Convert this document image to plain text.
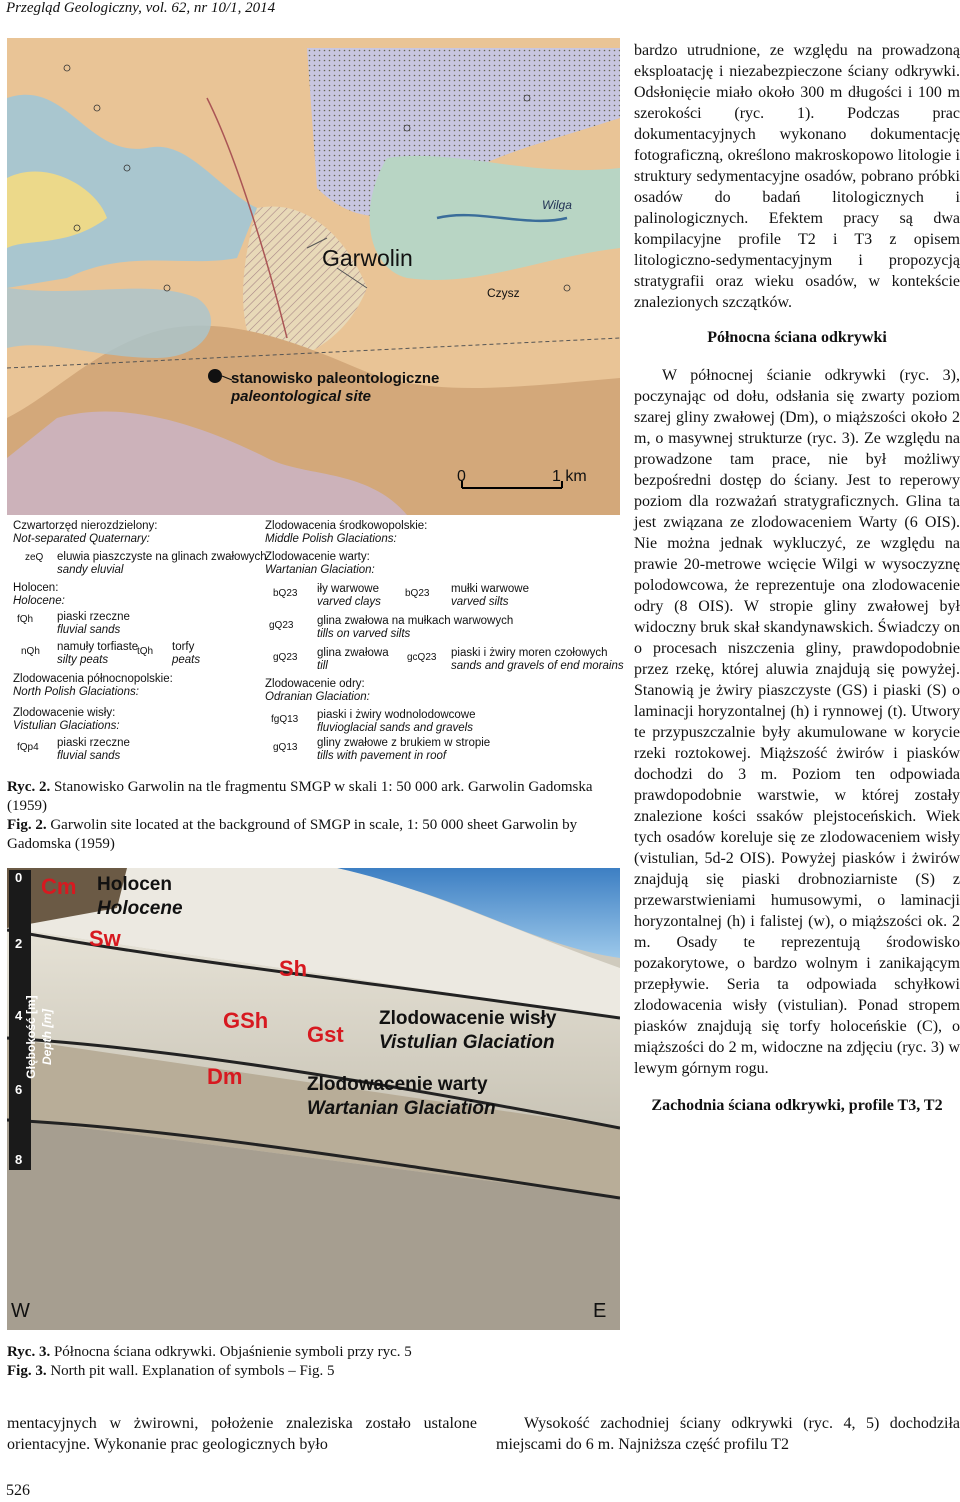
Przegląd Geologiczny, vol. 62, nr 10/1, 2014
Garwolin
stanowisko paleontologiczne
paleontological site
0	1 km
Czysz
Wilga
Czwartorzęd nierozdzielony:
Not-separated Quaternary:
zeQ eluwia piaszczyste na glinach zwałowych
sandy eluvial
Holocen:
Holocene:
fQh piaski rzeczne
fluvial sands
nQh namuły torfiaste
silty peats
tQh torfy
peats
Zlodowacenia północnopolskie:
North Polish Glaciations:
Zlodowacenie wisły:
Vistulian Glaciations:
fQp4 piaski rzeczne
fluvial sands
Zlodowacenia środkowopolskie:
Middle Polish Glaciations:
Zlodowacenie warty:
Wartanian Glaciation:
bQ23 iły warwowe
varved clays
bQ23 mułki warwowe
varved silts
gQ23 glina zwałowa na mułkach warwowych
tills on varved silts
gQ23 glina zwałowa
till
gcQ23 piaski i żwiry moren czołowych
sands and gravels of end morains
Zlodowacenie odry:
Odranian Glaciation:
fgQ13 piaski i żwiry wodnolodowcowe
fluvioglacial sands and gravels
gQ13 gliny zwałowe z brukiem w stropie
tills with pavement in roof
Ryc. 2. Stanowisko Garwolin na tle fragmentu SMGP w skali 1: 50 000 ark. Garwolin Gadomska (1959)
Fig. 2. Garwolin site located at the background of SMGP in scale, 1: 50 000 sheet Garwolin by Gadomska (1959)
0
2
4
6
8
Głębokość [m] Depth [m]
Cm Holocen
Holocene
Sw
Sh
GSh
Gst
Dm
Zlodowacenie wisły
Vistulian Glaciation
Zlodowacenie warty
Wartanian Glaciation
W	E
Ryc. 3. Północna ściana odkrywki. Objaśnienie symboli przy ryc. 5
Fig. 3. North pit wall. Explanation of symbols – Fig. 5
mentacyjnych w żwirowni, położenie znaleziska zostało ustalone orientacyjne. Wykonanie prac geologicznych było

bardzo utrudnione, ze względu na prowadzoną eksploatację i niezabezpieczone ściany odkrywki. Odsłonięcie miało około 300 m długości i 100 m szerokości (ryc. 1). Podczas prac dokumentacyjnych wykonano dokumentację fotograficzną, określono makroskopowo litologie i struktury sedymentacyjne osadów, pobrano próbki osadów do badań litologicznych i palinologicznych. Efektem pracy są dwa kompilacyjne profile T2 i T3 z opisem litologiczno-sedymentacyjnym i propozycją stratygrafii oraz wieku osadów, w kontekście znalezionych szczątków.

Północna ściana odkrywki

W północnej ścianie odkrywki (ryc. 3), poczynając od dołu, odsłania się zwarty poziom szarej gliny zwałowej (Dm), o miąższości około 2 m, o masywnej strukturze (ryc. 3). Ze względu na prowadzone tam prace, nie był możliwy bezpośredni dostęp do ściany. Jest to reperowy poziom dla rozważań stratygraficznych. Glina ta jest związana ze zlodowaceniem Warty (6 OIS). Nie można jednak wykluczyć, ze względu na prawie 20-metrowe wcięcie Wilgi w wysoczyznę polodowcowa, że reprezentuje ona zlodowacenie odry (8 OIS). W stropie gliny zwałowej był widoczny bruk skał skandynawskich. Świadczy on o procesach niszczenia gliny, prawdopodobnie przez rzekę, której aluwia znajdują się powyżej. Stanowią je żwiry piaszczyste (GS) i piaski (S) o laminacji horyzontalnej (h) i rynnowej (t). Utwory te przypuszczalnie były akumulowane w korycie rzeki roztokowej. Miąższość żwirów i piasków dochodzi do 3 m. Poziom ten odpowiada prawdopodobnie warstwie, w której zostały znalezione kości ssaków plejstoceńskich. Wiek tych osadów koreluje się ze zlodowaceniem wisły (vistulian, 5d-2 OIS). Powyżej piasków i żwirów znajdują się piaski drobnoziarniste (S) z przewarstwieniami humusowymi, o laminacji horyzontalnej (h) i falistej (w), o miąższości ok. 2 m. Osady te reprezentują środowisko pozakorytowe, o bardzo wolnym i zanikającym przepływie. Seria ta odpowiada schyłkowi zlodowacenia wisły (vistulian). Ponad stropem piasków znajdują się torfy holoceńskie (C), o miąższości do 2 m, widoczne na zdjęciu (ryc. 3) w lewym górnym rogu.

Zachodnia ściana odkrywki, profile T3, T2
Wysokość zachodniej ściany odkrywki (ryc. 4, 5) dochodziła miejscami do 6 m. Najniższa część profilu T2
526
